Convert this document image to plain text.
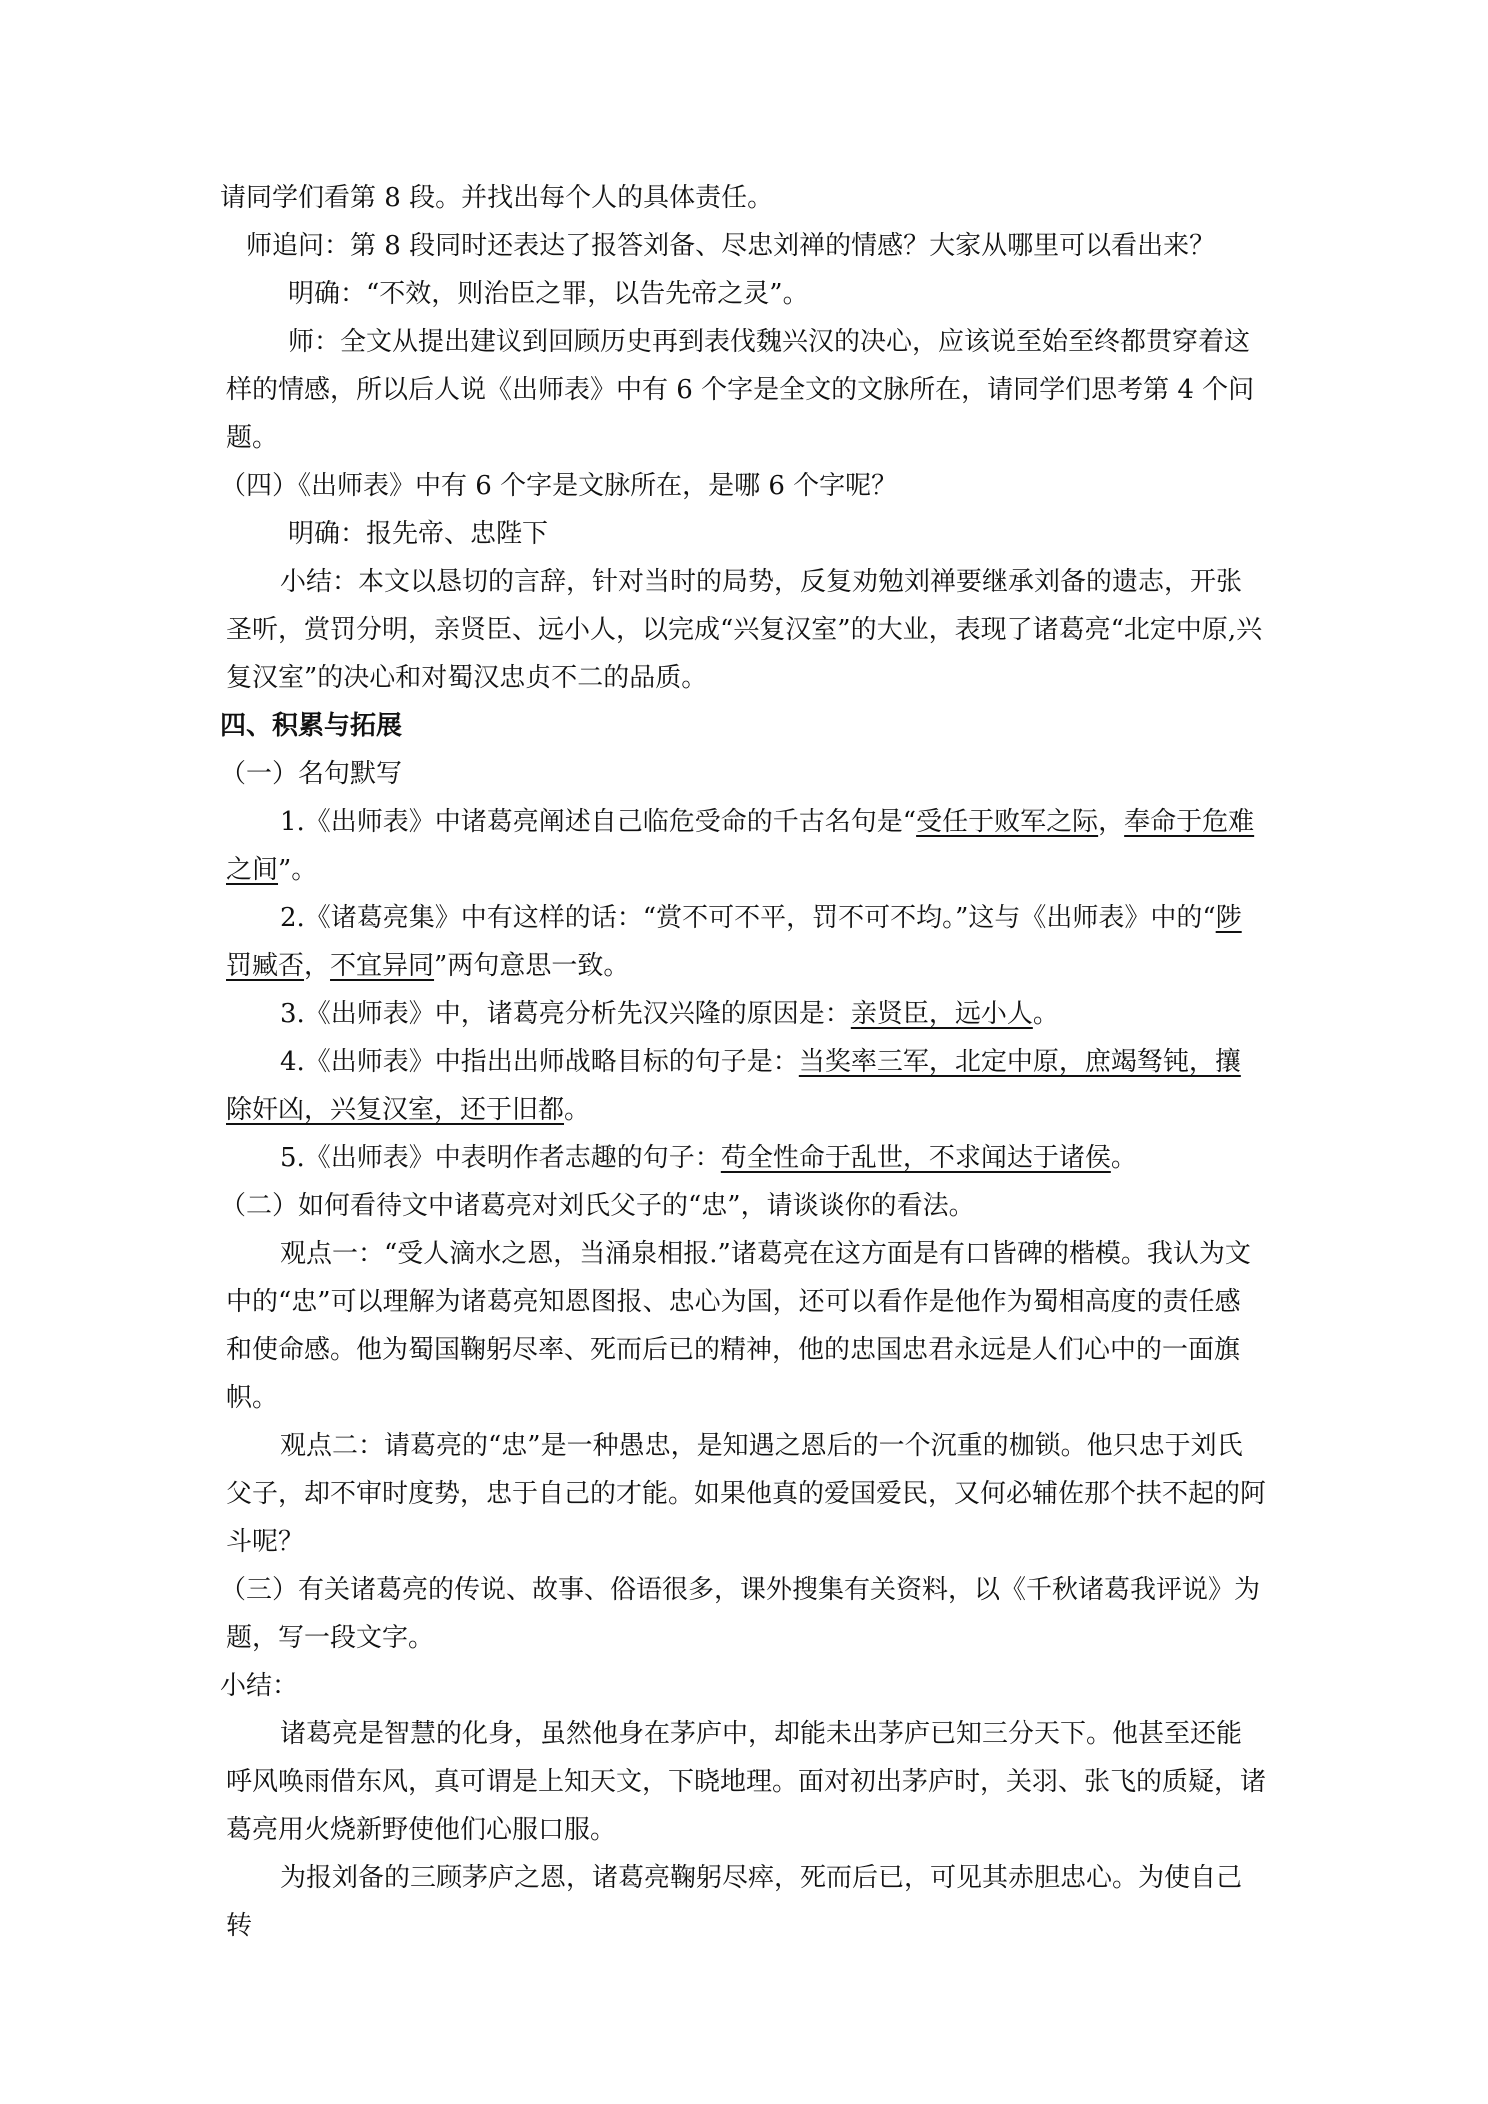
请同学们看第 8 段。并找出每个人的具体责任。

师追问：第 8 段同时还表达了报答刘备、尽忠刘禅的情感？大家从哪里可以看出来？

明确：“不效，则治臣之罪，以告先帝之灵”。

师：全文从提出建议到回顾历史再到表伐魏兴汉的决心，应该说至始至终都贯穿着这样的情感，所以后人说《出师表》中有 6 个字是全文的文脉所在，请同学们思考第 4 个问题。

（四）《出师表》中有 6 个字是文脉所在，是哪 6 个字呢？

明确：报先帝、忠陛下

小结：本文以恳切的言辞，针对当时的局势，反复劝勉刘禅要继承刘备的遗志，开张圣听，赏罚分明，亲贤臣、远小人，以完成“兴复汉室”的大业，表现了诸葛亮“北定中原,兴复汉室”的决心和对蜀汉忠贞不二的品质。

四、积累与拓展

（一）名句默写

1.《出师表》中诸葛亮阐述自己临危受命的千古名句是“受任于败军之际，奉命于危难之间”。

2.《诸葛亮集》中有这样的话：“赏不可不平，罚不可不均。”这与《出师表》中的“陟罚臧否，不宜异同”两句意思一致。

3.《出师表》中，诸葛亮分析先汉兴隆的原因是：亲贤臣，远小人。

4.《出师表》中指出出师战略目标的句子是：当奖率三军，北定中原，庶竭驽钝，攘除奸凶，兴复汉室，还于旧都。

5.《出师表》中表明作者志趣的句子：苟全性命于乱世，不求闻达于诸侯。

（二）如何看待文中诸葛亮对刘氏父子的“忠”，请谈谈你的看法。

观点一：“受人滴水之恩，当涌泉相报.”诸葛亮在这方面是有口皆碑的楷模。我认为文中的“忠”可以理解为诸葛亮知恩图报、忠心为国，还可以看作是他作为蜀相高度的责任感和使命感。他为蜀国鞠躬尽率、死而后已的精神，他的忠国忠君永远是人们心中的一面旗帜。

观点二：请葛亮的“忠”是一种愚忠，是知遇之恩后的一个沉重的枷锁。他只忠于刘氏父子，却不审时度势，忠于自己的才能。如果他真的爱国爱民，又何必辅佐那个扶不起的阿斗呢？

（三）有关诸葛亮的传说、故事、俗语很多，课外搜集有关资料，以《千秋诸葛我评说》为题，写一段文字。

小结：

诸葛亮是智慧的化身，虽然他身在茅庐中，却能未出茅庐已知三分天下。他甚至还能呼风唤雨借东风，真可谓是上知天文，下晓地理。面对初出茅庐时，关羽、张飞的质疑，诸葛亮用火烧新野使他们心服口服。

为报刘备的三顾茅庐之恩，诸葛亮鞠躬尽瘁，死而后已，可见其赤胆忠心。为使自己转
